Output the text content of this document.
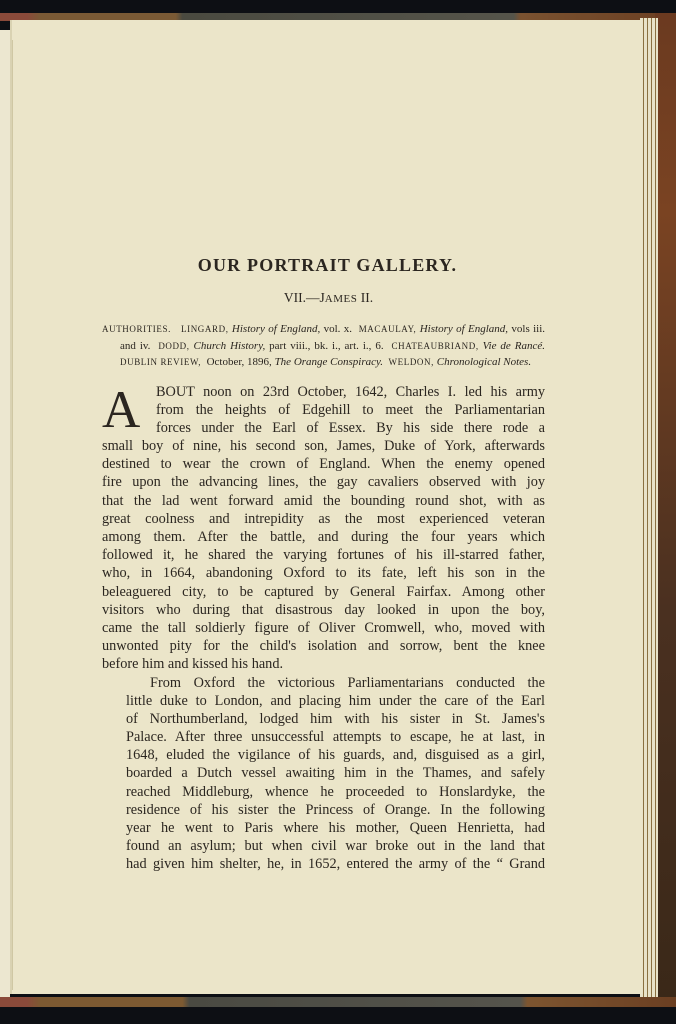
OUR PORTRAIT GALLERY.
VII.—JAMES II.
AUTHORITIES. LINGARD, History of England, vol. x.  MACAULAY, History of England, vols iii. and iv.  DODD, Church History, part viii., bk. i., art. i., 6.  CHATEAUBRIAND, Vie de Rancé.  DUBLIN REVIEW,  October, 1896, The Orange Conspiracy. WELDON, Chronological Notes.
A	BOUT noon on 23rd October, 1642, Charles I. led his army
from the heights of Edgehill to meet the Parliamentarian
forces under the Earl of Essex. By his side there rode a
small boy of nine, his second son, James, Duke of York, afterwards
destined to wear the crown of England. When the enemy opened
fire upon the advancing lines, the gay cavaliers observed with joy
that the lad went forward amid the bounding round shot, with as
great coolness and intrepidity as the most experienced veteran
among them. After the battle, and during the four years which
followed it, he shared the varying fortunes of his ill-starred father,
who, in 1664, abandoning Oxford to its fate, left his son in the
beleaguered city, to be captured by General Fairfax. Among other
visitors who during that disastrous day looked in upon the boy,
came the tall soldierly figure of Oliver Cromwell, who, moved with
unwonted pity for the child's isolation and sorrow, bent the knee
before him and kissed his hand.
From Oxford the victorious Parliamentarians conducted the
little duke to London, and placing him under the care of the Earl
of Northumberland, lodged him with his sister in St. James's
Palace. After three unsuccessful attempts to escape, he at last, in
1648, eluded the vigilance of his guards, and, disguised as a girl,
boarded a Dutch vessel awaiting him in the Thames, and safely
reached Middleburg, whence he proceeded to Honslardyke, the
residence of his sister the Princess of Orange. In the following
year he went to Paris where his mother, Queen Henrietta, had
found an asylum; but when civil war broke out in the land that
had given him shelter, he, in 1652, entered the army of the “ Grand
